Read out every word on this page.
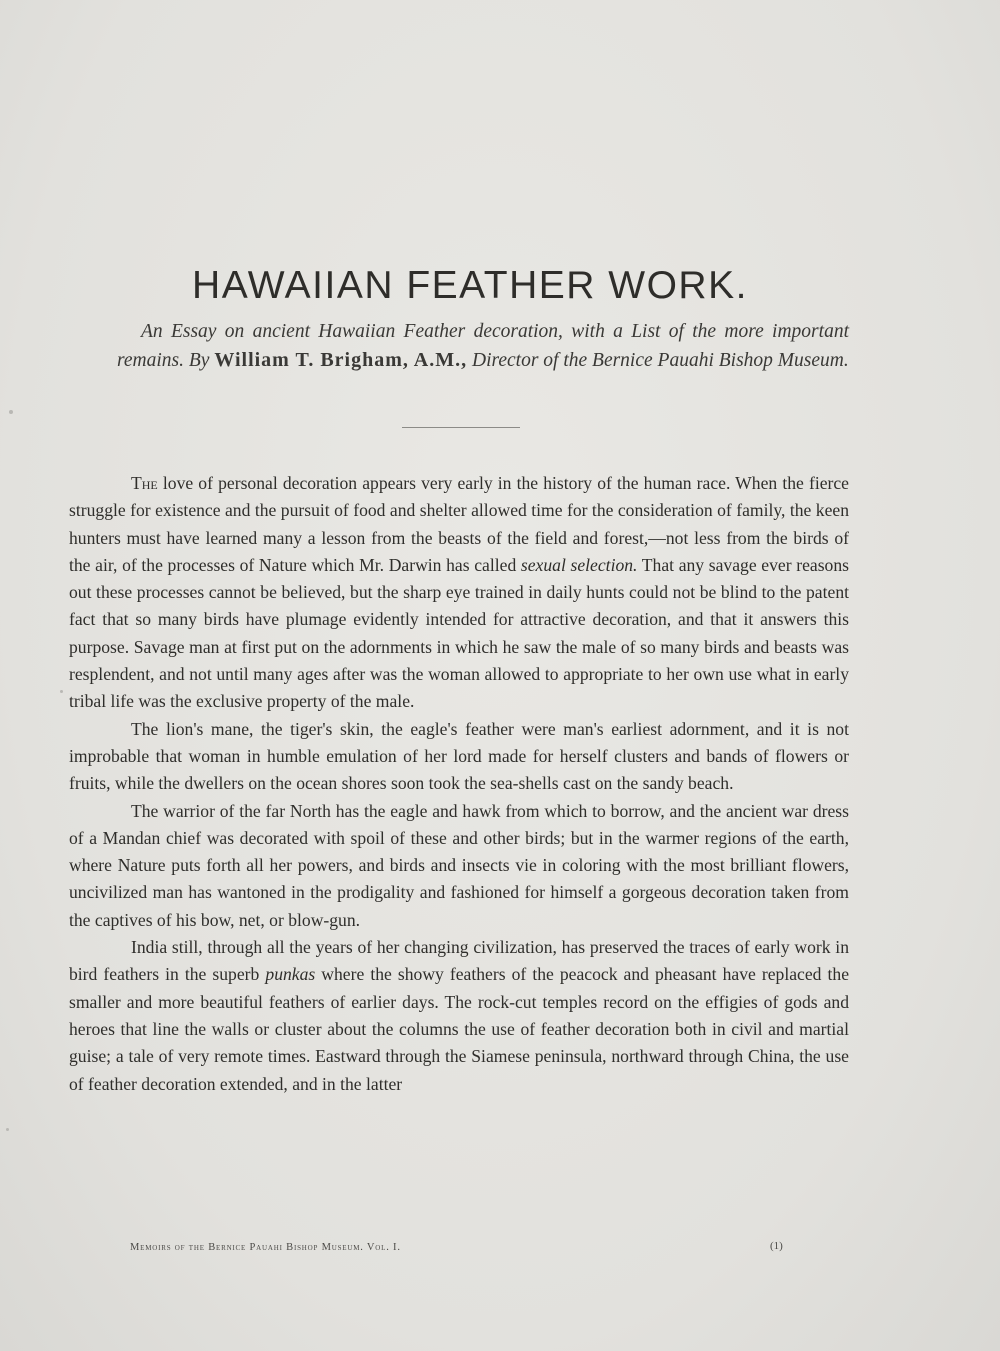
HAWAIIAN FEATHER WORK.
An Essay on ancient Hawaiian Feather decoration, with a List of the more important remains. By William T. Brigham, A.M., Director of the Bernice Pauahi Bishop Museum.

The love of personal decoration appears very early in the history of the human race. When the fierce struggle for existence and the pursuit of food and shelter allowed time for the consideration of family, the keen hunters must have learned many a lesson from the beasts of the field and forest,—not less from the birds of the air, of the processes of Nature which Mr. Darwin has called sexual selection. That any savage ever reasons out these processes cannot be believed, but the sharp eye trained in daily hunts could not be blind to the patent fact that so many birds have plumage evidently intended for attractive decoration, and that it answers this purpose. Savage man at first put on the adornments in which he saw the male of so many birds and beasts was resplendent, and not until many ages after was the woman allowed to appropriate to her own use what in early tribal life was the exclusive property of the male.

The lion's mane, the tiger's skin, the eagle's feather were man's earliest adornment, and it is not improbable that woman in humble emulation of her lord made for herself clusters and bands of flowers or fruits, while the dwellers on the ocean shores soon took the sea-shells cast on the sandy beach.

The warrior of the far North has the eagle and hawk from which to borrow, and the ancient war dress of a Mandan chief was decorated with spoil of these and other birds; but in the warmer regions of the earth, where Nature puts forth all her powers, and birds and insects vie in coloring with the most brilliant flowers, uncivilized man has wantoned in the prodigality and fashioned for himself a gorgeous decoration taken from the captives of his bow, net, or blow-gun.

India still, through all the years of her changing civilization, has preserved the traces of early work in bird feathers in the superb punkas where the showy feathers of the peacock and pheasant have replaced the smaller and more beautiful feathers of earlier days. The rock-cut temples record on the effigies of gods and heroes that line the walls or cluster about the columns the use of feather decoration both in civil and martial guise; a tale of very remote times. Eastward through the Siamese peninsula, northward through China, the use of feather decoration extended, and in the latter

Memoirs of the Bernice Pauahi Bishop Museum. Vol. I.	(1)
